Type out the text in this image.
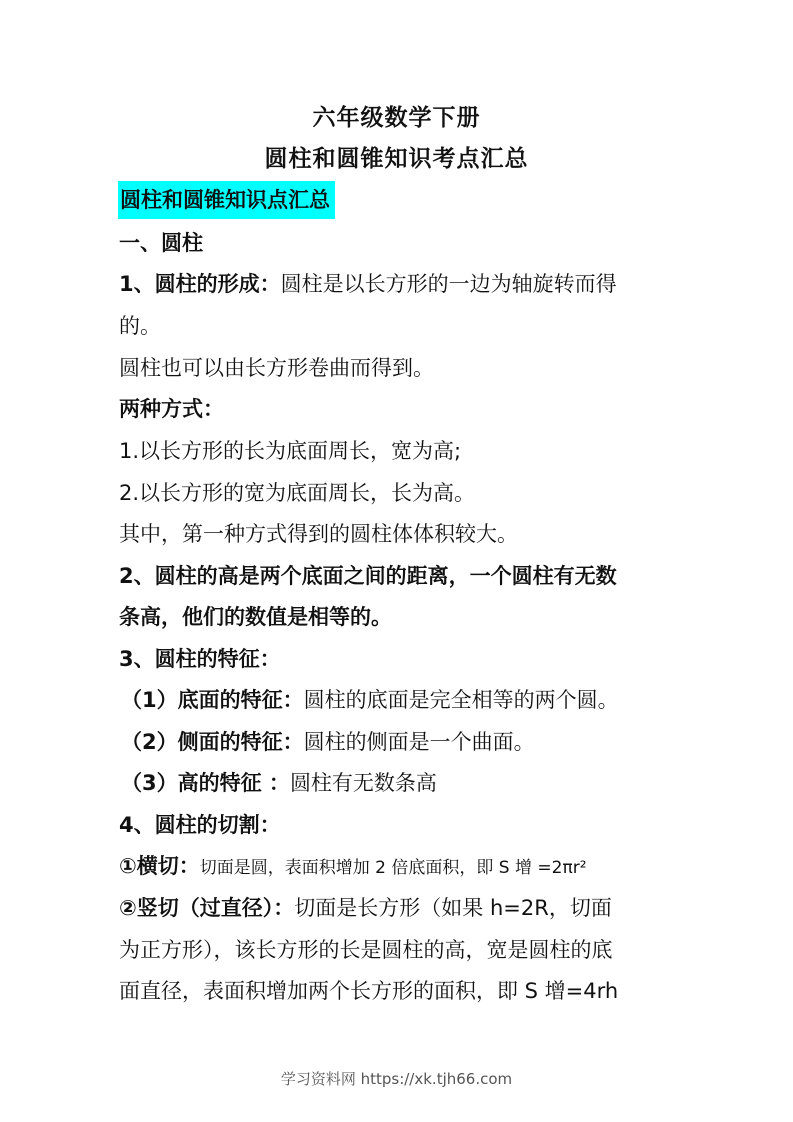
六年级数学下册
圆柱和圆锥知识考点汇总
圆柱和圆锥知识点汇总
一、圆柱
1、圆柱的形成：圆柱是以长方形的一边为轴旋转而得
的。
圆柱也可以由长方形卷曲而得到。
两种方式：
1.以长方形的长为底面周长，宽为高;
2.以长方形的宽为底面周长，长为高。
其中，第一种方式得到的圆柱体体积较大。
2、圆柱的高是两个底面之间的距离，一个圆柱有无数
条高，他们的数值是相等的。
3、圆柱的特征：
（1）底面的特征：圆柱的底面是完全相等的两个圆。
（2）侧面的特征：圆柱的侧面是一个曲面。
（3）高的特征 ：圆柱有无数条高
4、圆柱的切割：
①横切：切面是圆，表面积增加 2 倍底面积，即 S 增 =2πr²
②竖切（过直径）：切面是长方形（如果 h=2R，切面
为正方形），该长方形的长是圆柱的高，宽是圆柱的底
面直径，表面积增加两个长方形的面积，即 S 增=4rh
学习资料网 https://xk.tjh66.com
